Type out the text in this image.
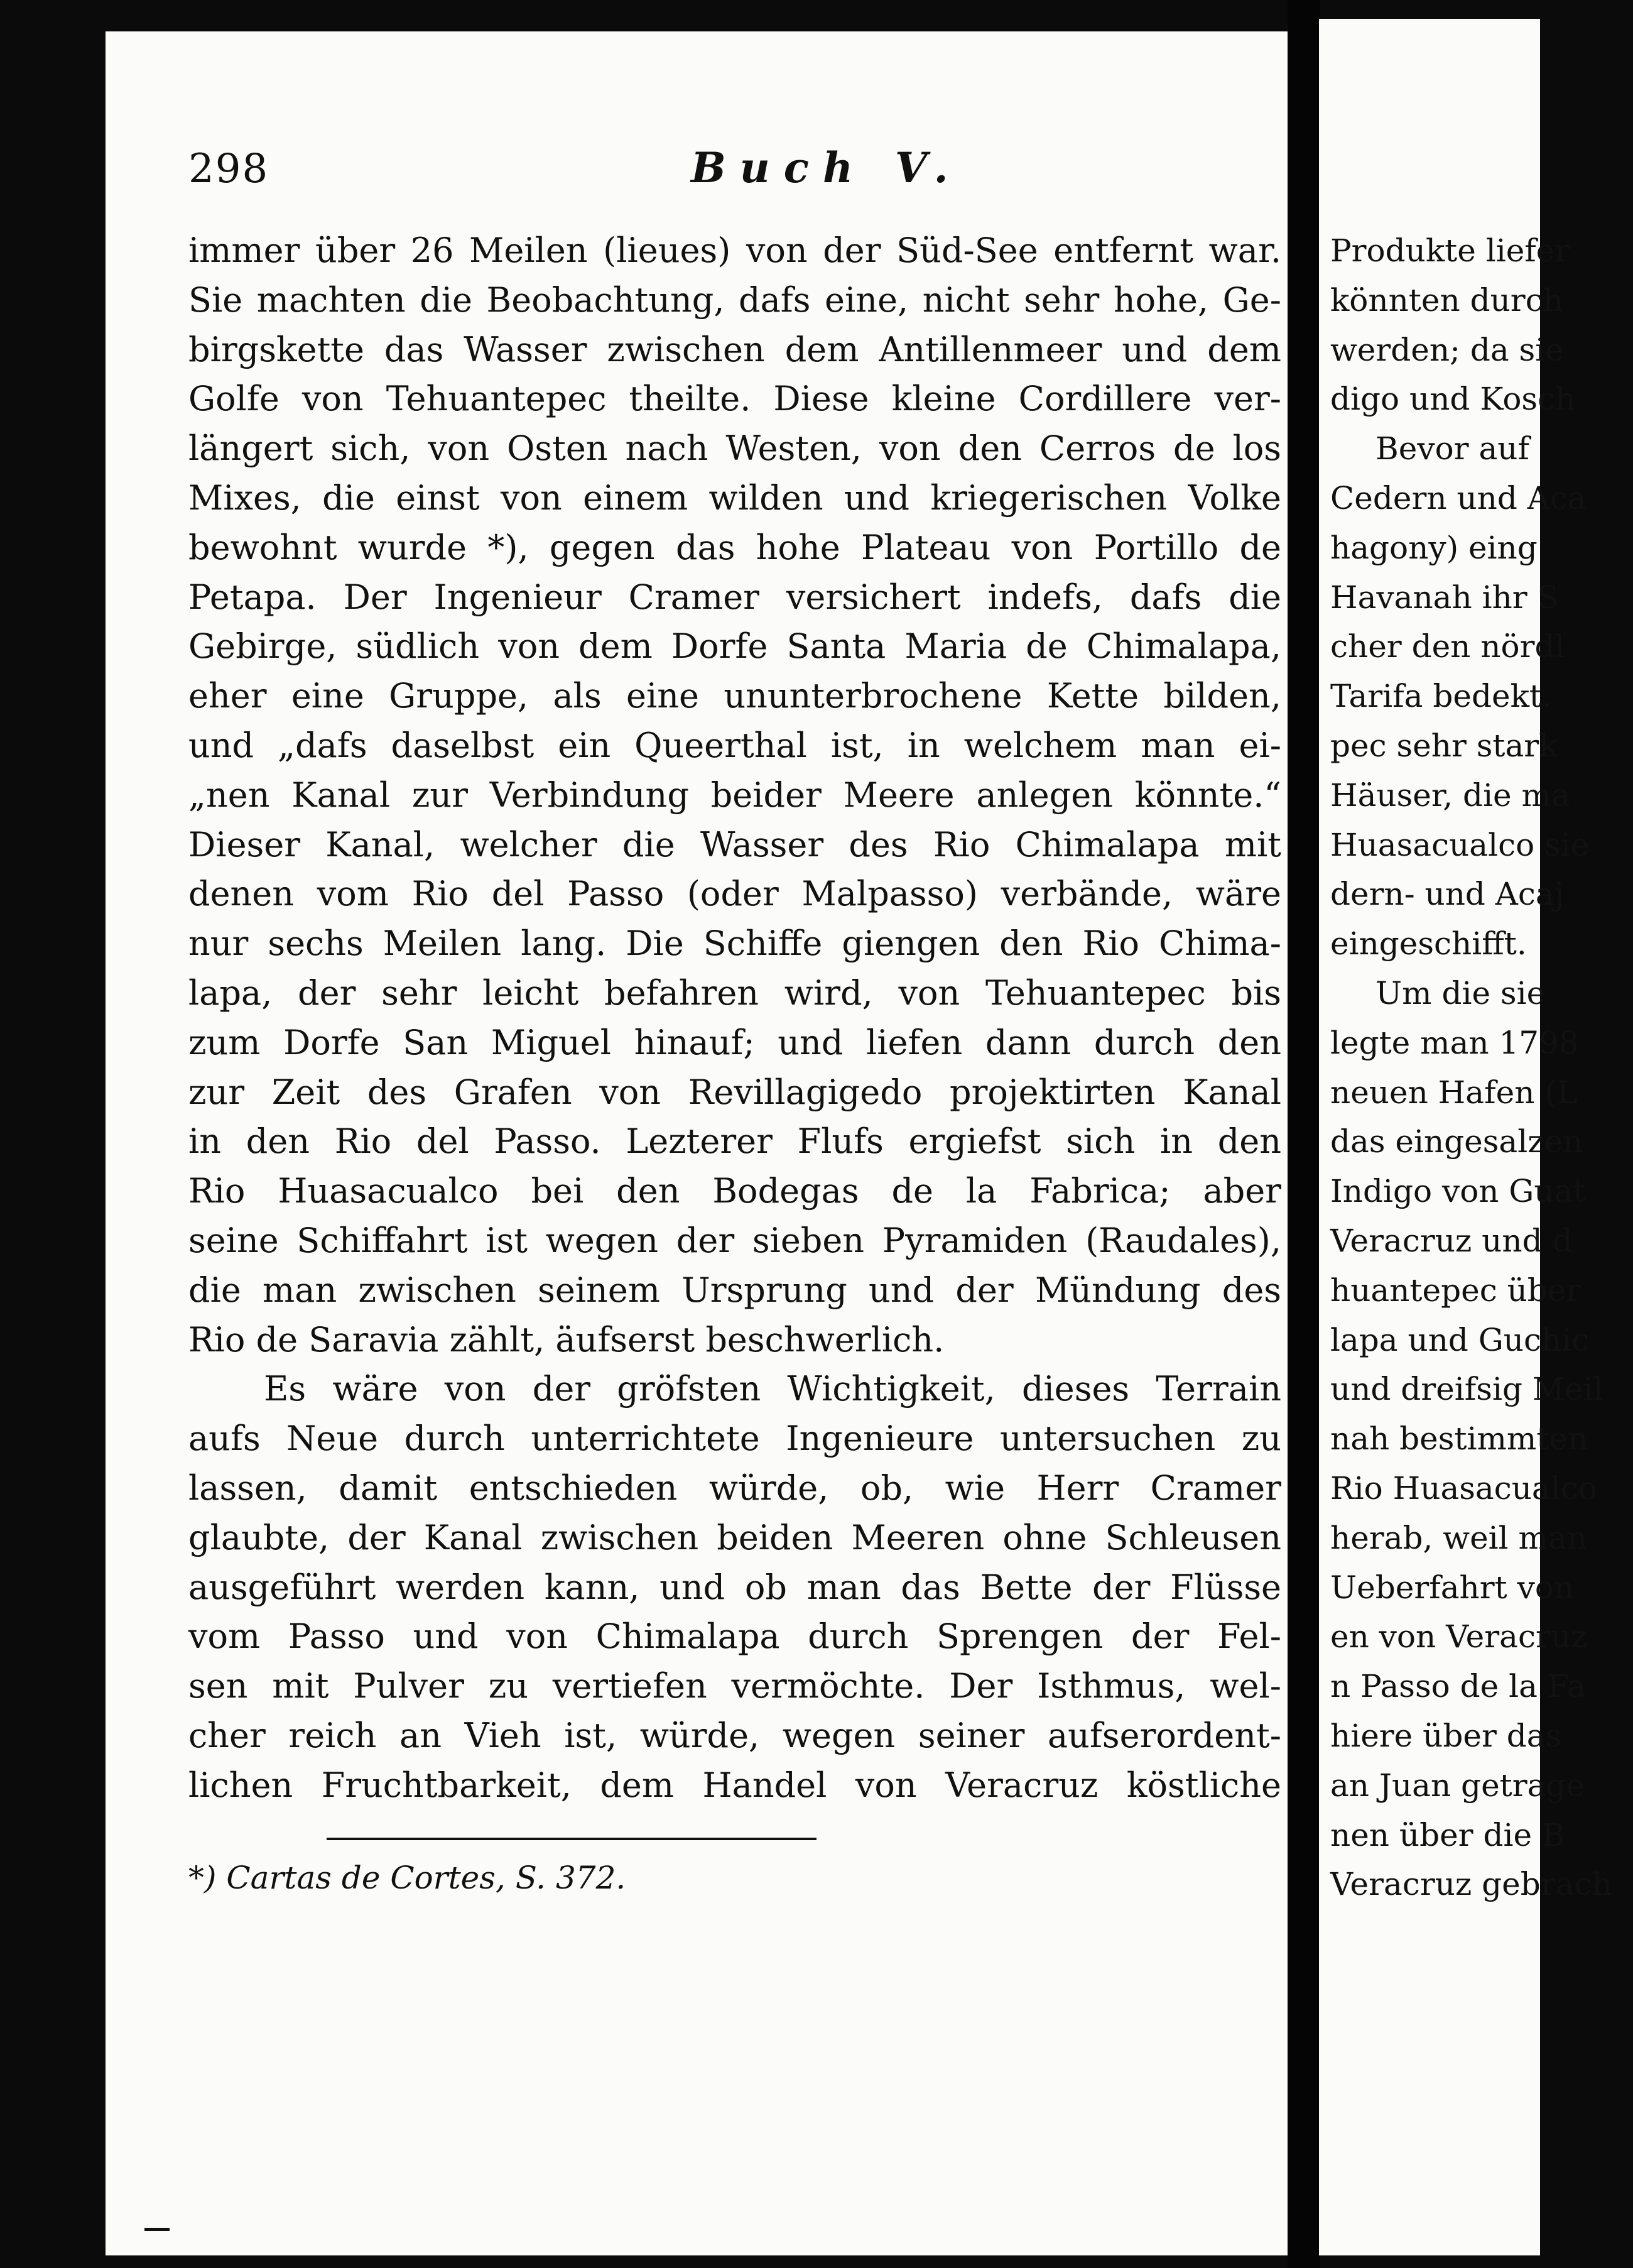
Produkte liefer
könnten durch
werden; da sie
digo und Kosch
Bevor auf
Cedern und Aca
hagony) eing
Havanah ihr S
cher den nördl
Tarifa bedekt.
pec sehr stark
Häuser, die ma
Huasacualco sie
dern- und Acaj
eingeschifft.
Um die sie
legte man 1798
neuen Hafen (L
das eingesalzen
Indigo von Guat
Veracruz und d
huantepec über
lapa und Guchic
und dreifsig Meil
nah bestimmten
Rio Huasacualco
herab, weil man
Ueberfahrt von
en von Veracruz
n Passo de la Fa
hiere über das
an Juan getrage
nen über die B
Veracruz gebrach
298	Buch V.
immer über 26 Meilen (lieues) von der Süd-See entfernt war.
Sie machten die Beobachtung, dafs eine, nicht sehr hohe, Ge-
birgskette das Wasser zwischen dem Antillenmeer und dem
Golfe von Tehuantepec theilte. Diese kleine Cordillere ver-
längert sich, von Osten nach Westen, von den Cerros de los
Mixes, die einst von einem wilden und kriegerischen Volke
bewohnt wurde *), gegen das hohe Plateau von Portillo de
Petapa. Der Ingenieur Cramer versichert indefs, dafs die
Gebirge, südlich von dem Dorfe Santa Maria de Chimalapa,
eher eine Gruppe, als eine ununterbrochene Kette bilden,
und „dafs daselbst ein Queerthal ist, in welchem man ei-
„nen Kanal zur Verbindung beider Meere anlegen könnte.“
Dieser Kanal, welcher die Wasser des Rio Chimalapa mit
denen vom Rio del Passo (oder Malpasso) verbände, wäre
nur sechs Meilen lang. Die Schiffe giengen den Rio Chima-
lapa, der sehr leicht befahren wird, von Tehuantepec bis
zum Dorfe San Miguel hinauf; und liefen dann durch den
zur Zeit des Grafen von Revillagigedo projektirten Kanal
in den Rio del Passo. Lezterer Flufs ergiefst sich in den
Rio Huasacualco bei den Bodegas de la Fabrica; aber
seine Schiffahrt ist wegen der sieben Pyramiden (Raudales),
die man zwischen seinem Ursprung und der Mündung des
Rio de Saravia zählt, äufserst beschwerlich.
Es wäre von der gröfsten Wichtigkeit, dieses Terrain
aufs Neue durch unterrichtete Ingenieure untersuchen zu
lassen, damit entschieden würde, ob, wie Herr Cramer
glaubte, der Kanal zwischen beiden Meeren ohne Schleusen
ausgeführt werden kann, und ob man das Bette der Flüsse
vom Passo und von Chimalapa durch Sprengen der Fel-
sen mit Pulver zu vertiefen vermöchte. Der Isthmus, wel-
cher reich an Vieh ist, würde, wegen seiner aufserordent-
lichen Fruchtbarkeit, dem Handel von Veracruz köstliche
*) Cartas de Cortes, S. 372.
